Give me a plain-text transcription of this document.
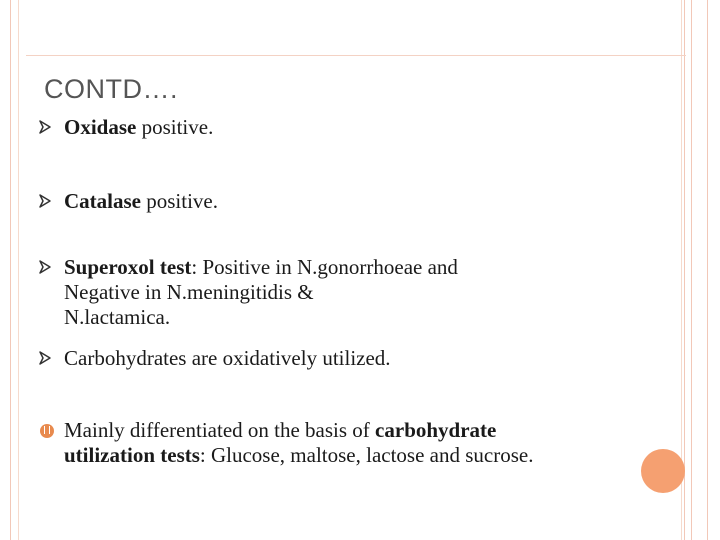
CONTD….
Oxidase positive.
Catalase positive.
Superoxol test: Positive in N.gonorrhoeae and
Negative in N.meningitidis &
N.lactamica.
Carbohydrates are oxidatively utilized.
Mainly differentiated on the basis of carbohydrate
utilization tests: Glucose, maltose, lactose and sucrose.
